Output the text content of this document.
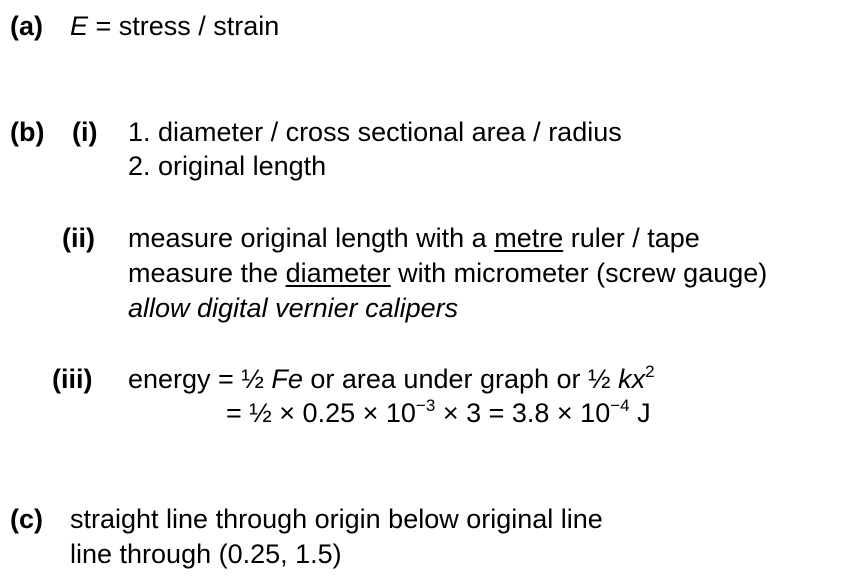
(a) E = stress / strain
(b) (i) 1. diameter / cross sectional area / radius
2. original length
(ii) measure original length with a metre ruler / tape
measure the diameter with micrometer (screw gauge)
allow digital vernier calipers
(iii) energy = ½ Fe or area under graph or ½ $kx^2$
= ½ × $0.25 \times 10^{-3} \times 3 = 3.8 \times 10^{-4}$ J
(c) straight line through origin below original line
line through (0.25, 1.5)
